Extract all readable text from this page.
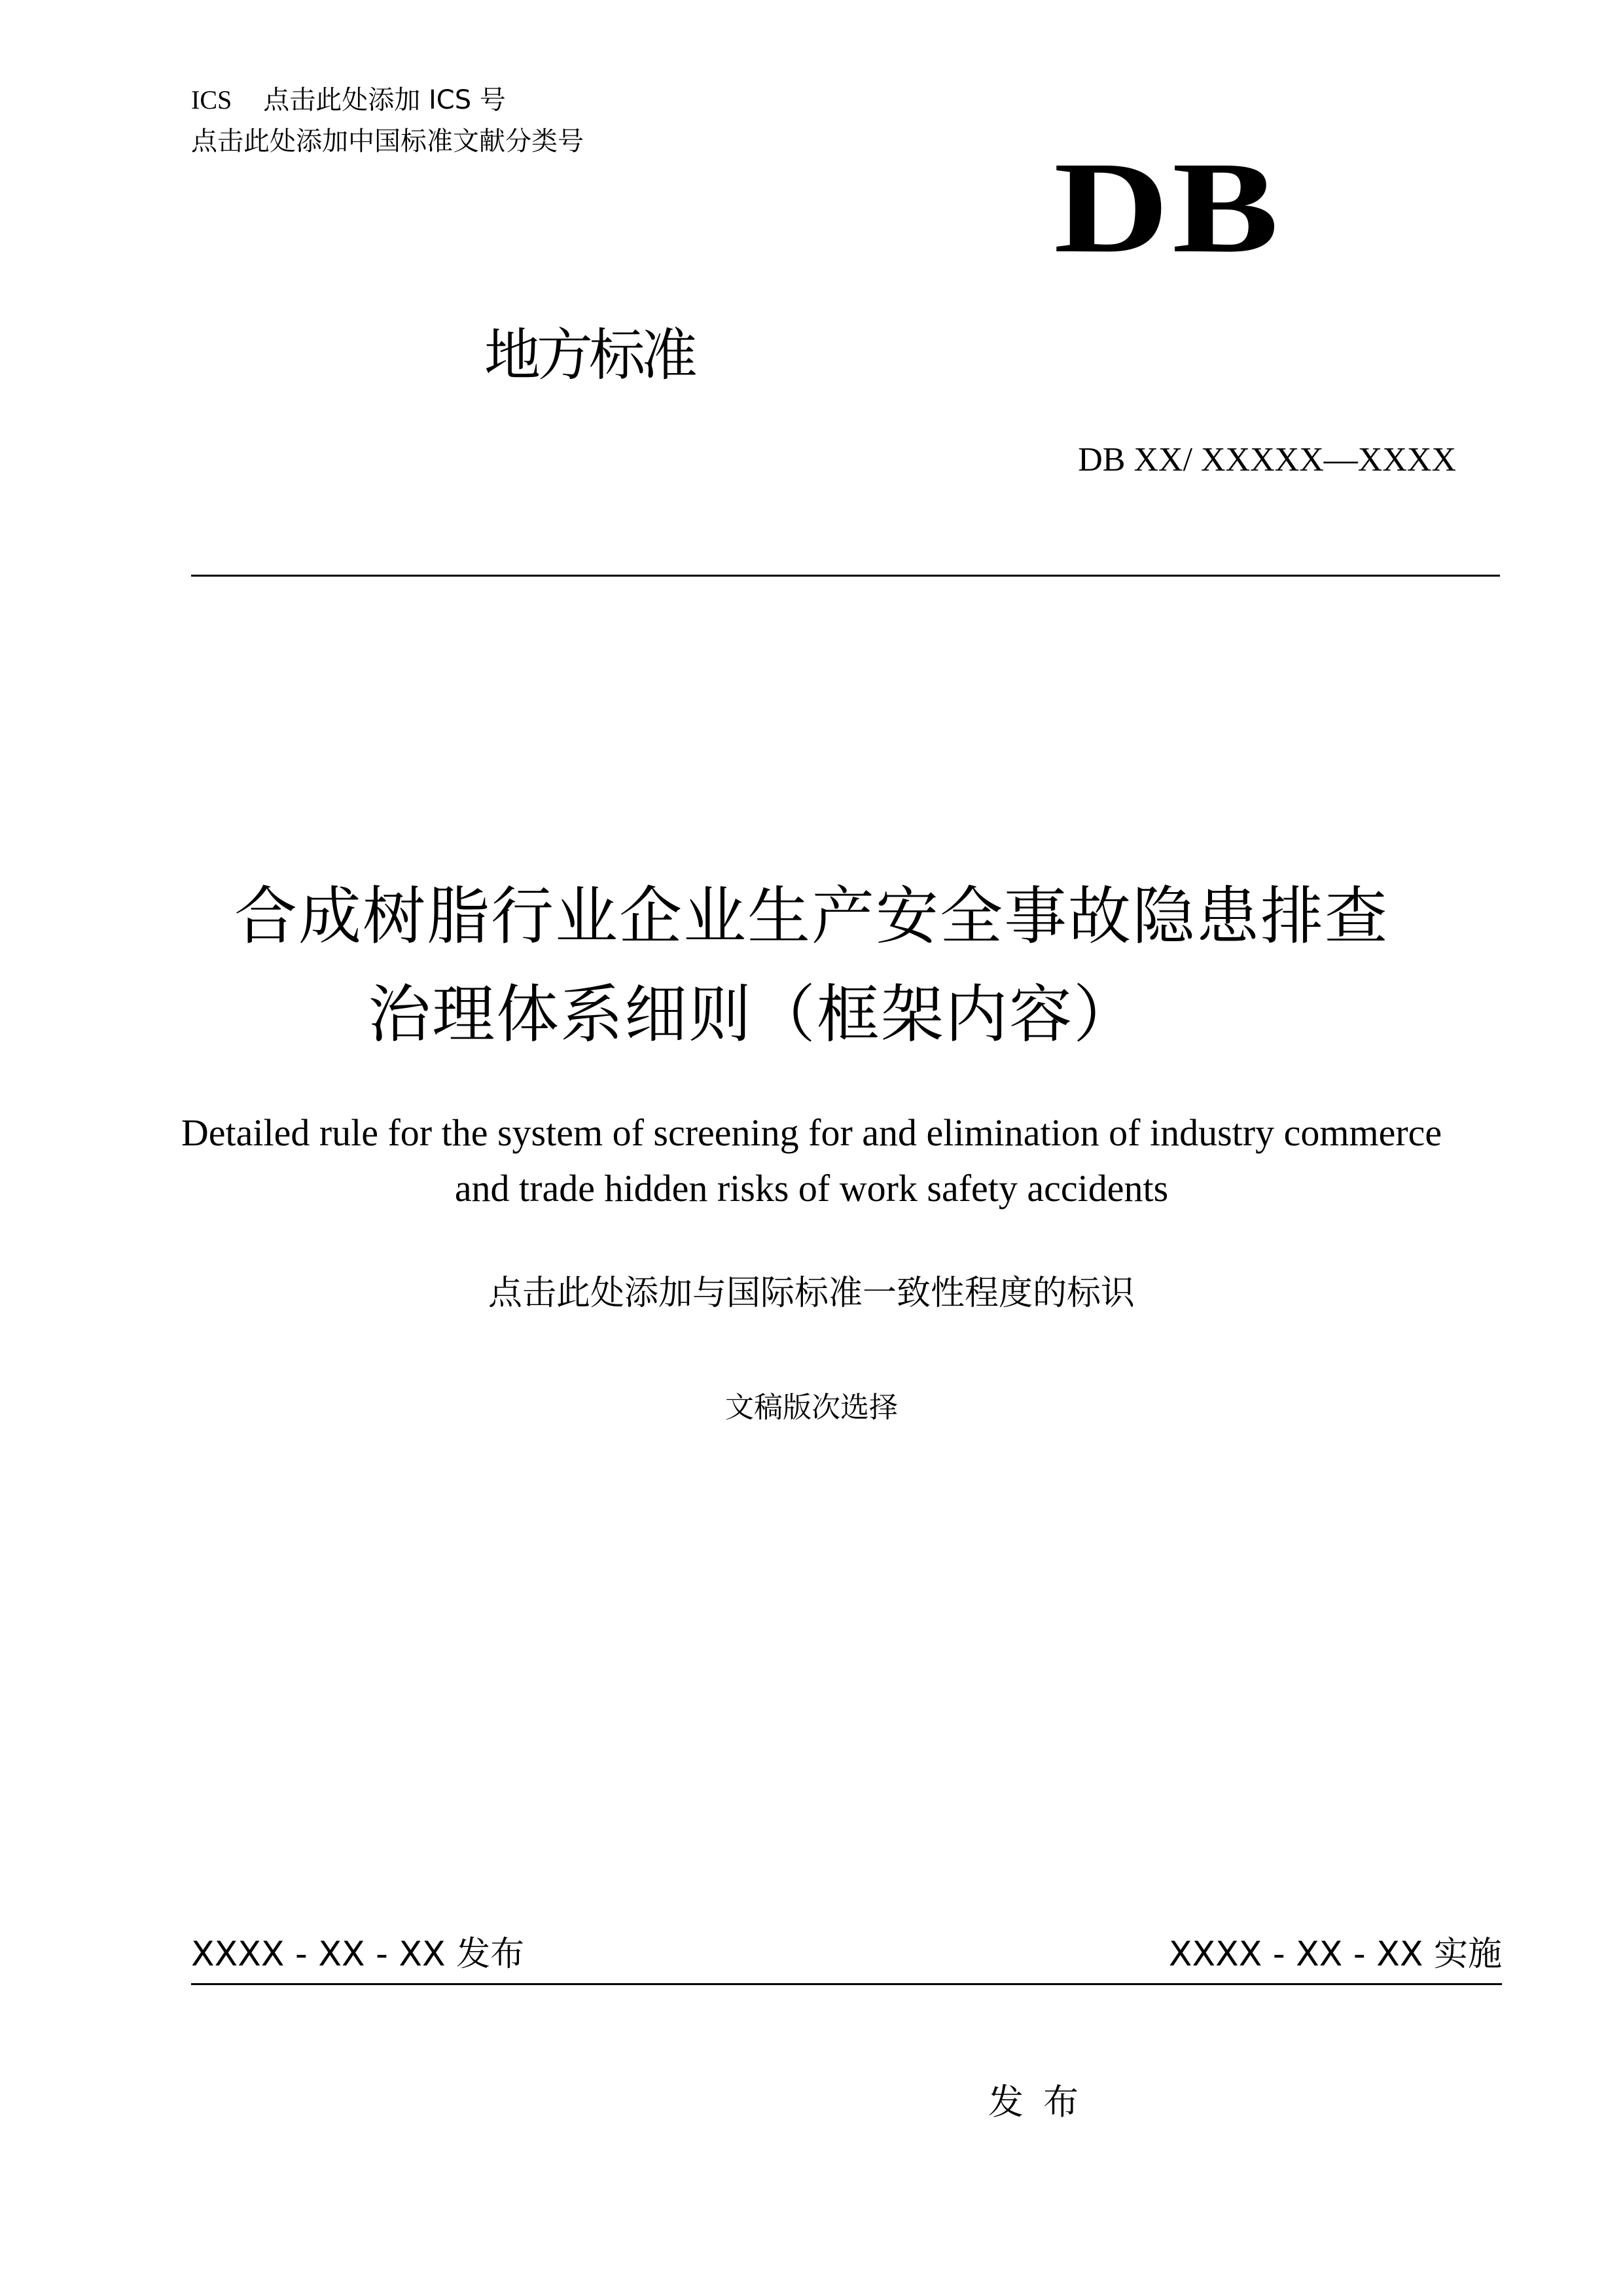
ICS 点击此处添加 ICS 号
点击此处添加中国标准文献分类号	DB
地方标准
DB XX/ XXXXX—XXXX
合成树脂行业企业生产安全事故隐患排查
治理体系细则（框架内容）
Detailed rule for the system of screening for and elimination of industry commerce
and trade hidden risks of work safety accidents
点击此处添加与国际标准一致性程度的标识
文稿版次选择
XXXX - XX - XX 发布	XXXX - XX - XX 实施
发布
